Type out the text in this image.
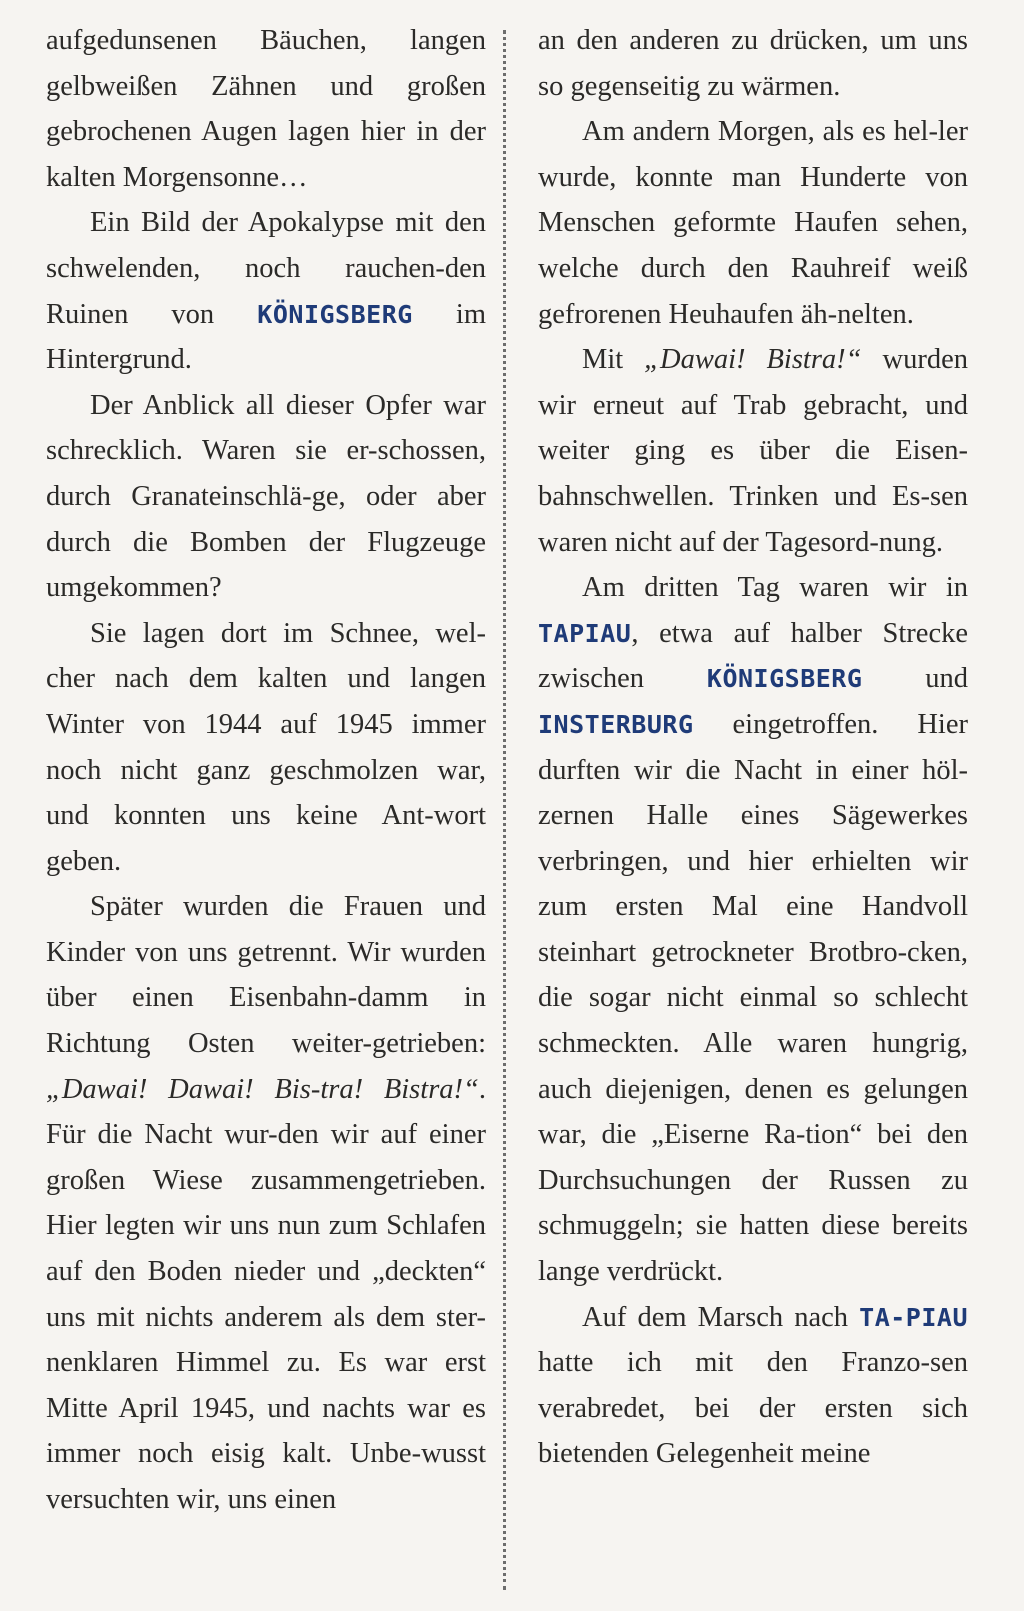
aufgedunsenen Bäuchen, langen gelbweißen Zähnen und großen gebrochenen Augen lagen hier in der kalten Morgensonne…

Ein Bild der Apokalypse mit den schwelenden, noch rauchen-den Ruinen von KÖNIGSBERG im Hintergrund.

Der Anblick all dieser Opfer war schrecklich. Waren sie er-schossen, durch Granateinschlä-ge, oder aber durch die Bomben der Flugzeuge umgekommen?

Sie lagen dort im Schnee, wel-cher nach dem kalten und langen Winter von 1944 auf 1945 immer noch nicht ganz geschmolzen war, und konnten uns keine Ant-wort geben.

Später wurden die Frauen und Kinder von uns getrennt. Wir wurden über einen Eisenbahn-damm in Richtung Osten weiter-getrieben: „Dawai! Dawai! Bis-tra! Bistra!“. Für die Nacht wur-den wir auf einer großen Wiese zusammengetrieben. Hier legten wir uns nun zum Schlafen auf den Boden nieder und „deckten“ uns mit nichts anderem als dem ster-nenklaren Himmel zu. Es war erst Mitte April 1945, und nachts war es immer noch eisig kalt. Unbe-wusst versuchten wir, uns einen

an den anderen zu drücken, um uns so gegenseitig zu wärmen.

Am andern Morgen, als es hel-ler wurde, konnte man Hunderte von Menschen geformte Haufen sehen, welche durch den Rauhreif weiß gefrorenen Heuhaufen äh-nelten.

Mit „Dawai! Bistra!“ wurden wir erneut auf Trab gebracht, und weiter ging es über die Eisen-bahnschwellen. Trinken und Es-sen waren nicht auf der Tagesord-nung.

Am dritten Tag waren wir in TAPIAU, etwa auf halber Strecke zwischen KÖNIGSBERG und INSTERBURG eingetroffen. Hier durften wir die Nacht in einer höl-zernen Halle eines Sägewerkes verbringen, und hier erhielten wir zum ersten Mal eine Handvoll steinhart getrockneter Brotbro-cken, die sogar nicht einmal so schlecht schmeckten. Alle waren hungrig, auch diejenigen, denen es gelungen war, die „Eiserne Ra-tion“ bei den Durchsuchungen der Russen zu schmuggeln; sie hatten diese bereits lange verdrückt.

Auf dem Marsch nach TA-PIAU hatte ich mit den Franzo-sen verabredet, bei der ersten sich bietenden Gelegenheit meine
